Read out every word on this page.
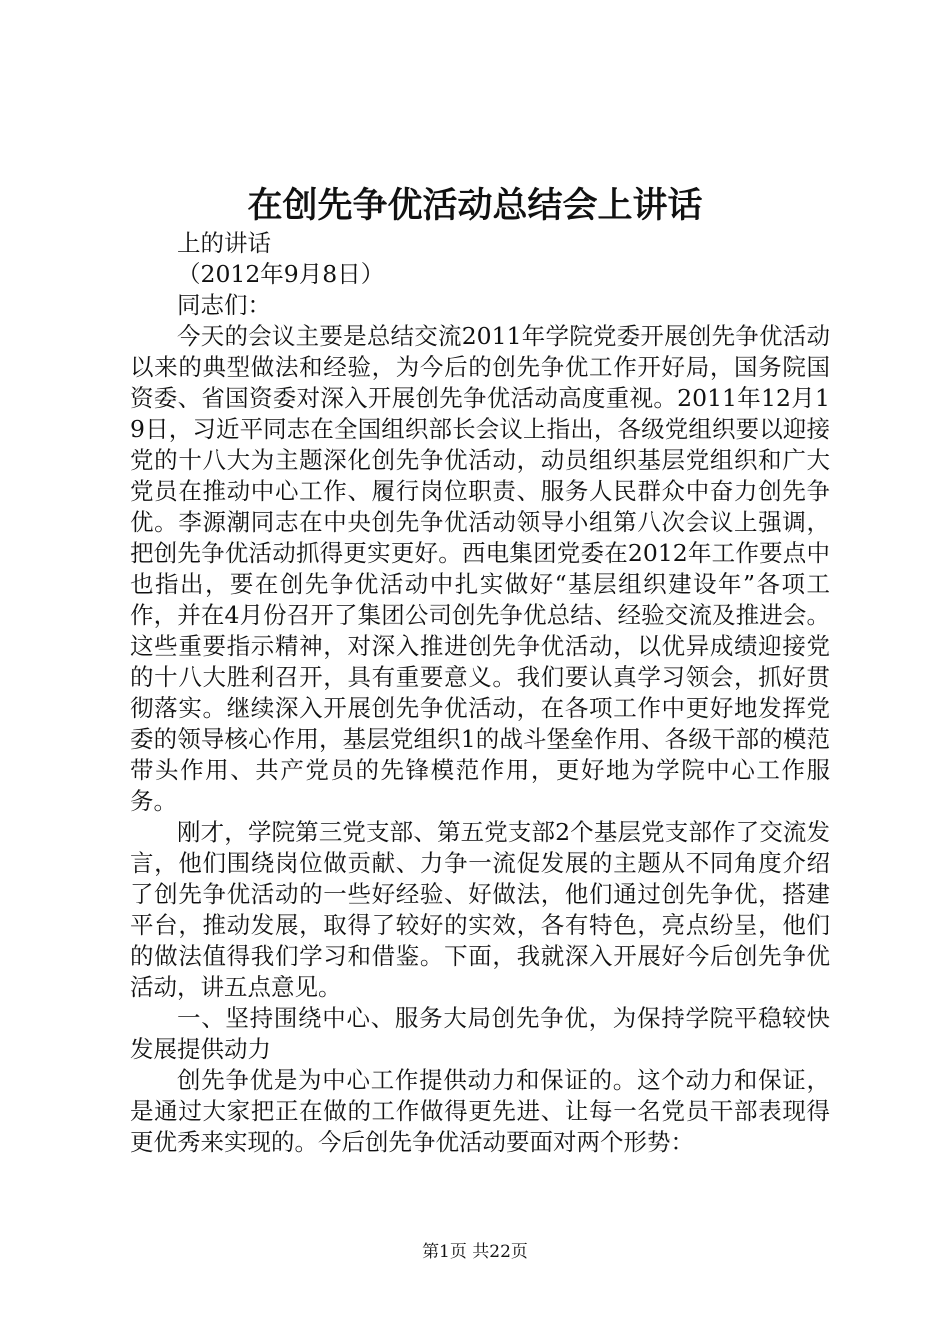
在创先争优活动总结会上讲话

上的讲话

（2012年9月8日）

同志们：

今天的会议主要是总结交流2011年学院党委开展创先争优活动以来的典型做法和经验，为今后的创先争优工作开好局，国务院国资委、省国资委对深入开展创先争优活动高度重视。2011年12月19日，习近平同志在全国组织部长会议上指出，各级党组织要以迎接党的十八大为主题深化创先争优活动，动员组织基层党组织和广大党员在推动中心工作、履行岗位职责、服务人民群众中奋力创先争优。李源潮同志在中央创先争优活动领导小组第八次会议上强调，把创先争优活动抓得更实更好。西电集团党委在2012年工作要点中也指出，要在创先争优活动中扎实做好“基层组织建设年”各项工作，并在4月份召开了集团公司创先争优总结、经验交流及推进会。这些重要指示精神，对深入推进创先争优活动，以优异成绩迎接党的十八大胜利召开，具有重要意义。我们要认真学习领会，抓好贯彻落实。继续深入开展创先争优活动，在各项工作中更好地发挥党委的领导核心作用，基层党组织1的战斗堡垒作用、各级干部的模范带头作用、共产党员的先锋模范作用，更好地为学院中心工作服务。

刚才，学院第三党支部、第五党支部2个基层党支部作了交流发言，他们围绕岗位做贡献、力争一流促发展的主题从不同角度介绍了创先争优活动的一些好经验、好做法，他们通过创先争优，搭建平台，推动发展，取得了较好的实效，各有特色，亮点纷呈，他们的做法值得我们学习和借鉴。下面，我就深入开展好今后创先争优活动，讲五点意见。

一、坚持围绕中心、服务大局创先争优，为保持学院平稳较快发展提供动力

创先争优是为中心工作提供动力和保证的。这个动力和保证，是通过大家把正在做的工作做得更先进、让每一名党员干部表现得更优秀来实现的。今后创先争优活动要面对两个形势：

第1页 共22页
